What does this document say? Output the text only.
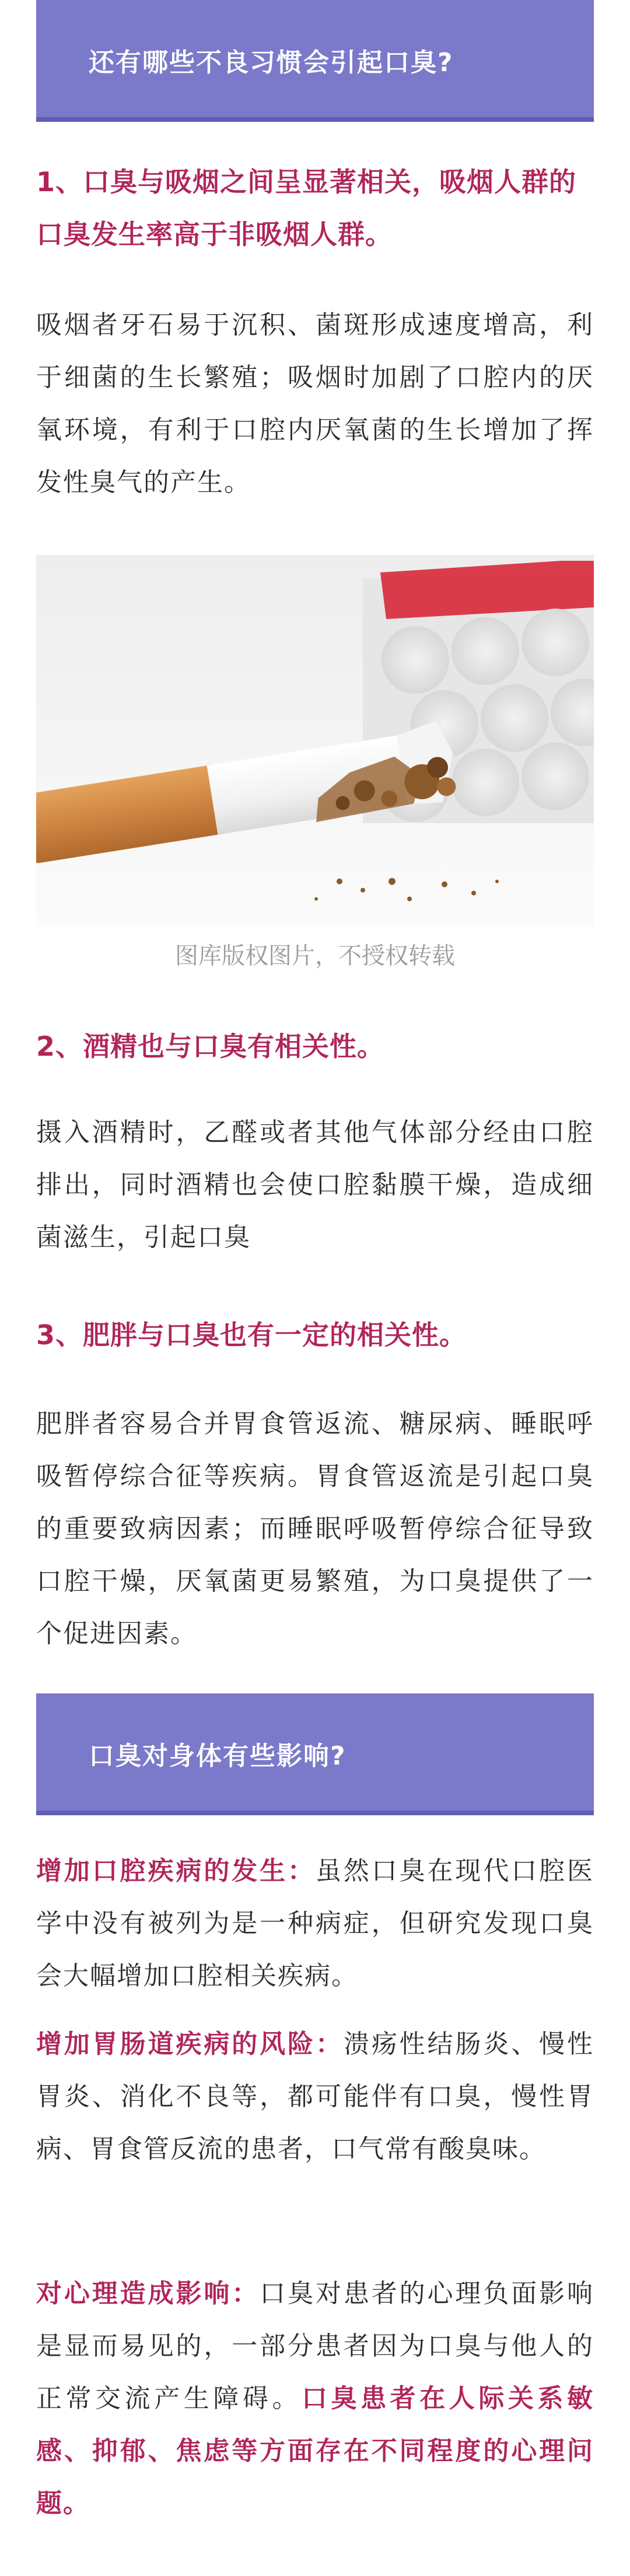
还有哪些不良习惯会引起口臭?
1、口臭与吸烟之间呈显著相关，吸烟人群的口臭发生率高于非吸烟人群。
吸烟者牙石易于沉积、菌斑形成速度增高，利于细菌的生长繁殖；吸烟时加剧了口腔内的厌氧环境，有利于口腔内厌氧菌的生长增加了挥发性臭气的产生。
图库版权图片，不授权转载
2、酒精也与口臭有相关性。
摄入酒精时，乙醛或者其他气体部分经由口腔排出，同时酒精也会使口腔黏膜干燥，造成细菌滋生，引起口臭
3、肥胖与口臭也有一定的相关性。
肥胖者容易合并胃食管返流、糖尿病、睡眠呼吸暂停综合征等疾病。胃食管返流是引起口臭的重要致病因素；而睡眠呼吸暂停综合征导致口腔干燥，厌氧菌更易繁殖，为口臭提供了一个促进因素。
口臭对身体有些影响?
增加口腔疾病的发生：虽然口臭在现代口腔医学中没有被列为是一种病症，但研究发现口臭会大幅增加口腔相关疾病。
增加胃肠道疾病的风险：溃疡性结肠炎、慢性胃炎、消化不良等，都可能伴有口臭，慢性胃病、胃食管反流的患者，口气常有酸臭味。
对心理造成影响：口臭对患者的心理负面影响是显而易见的，一部分患者因为口臭与他人的正常交流产生障碍。口臭患者在人际关系敏感、抑郁、焦虑等方面存在不同程度的心理问题。
